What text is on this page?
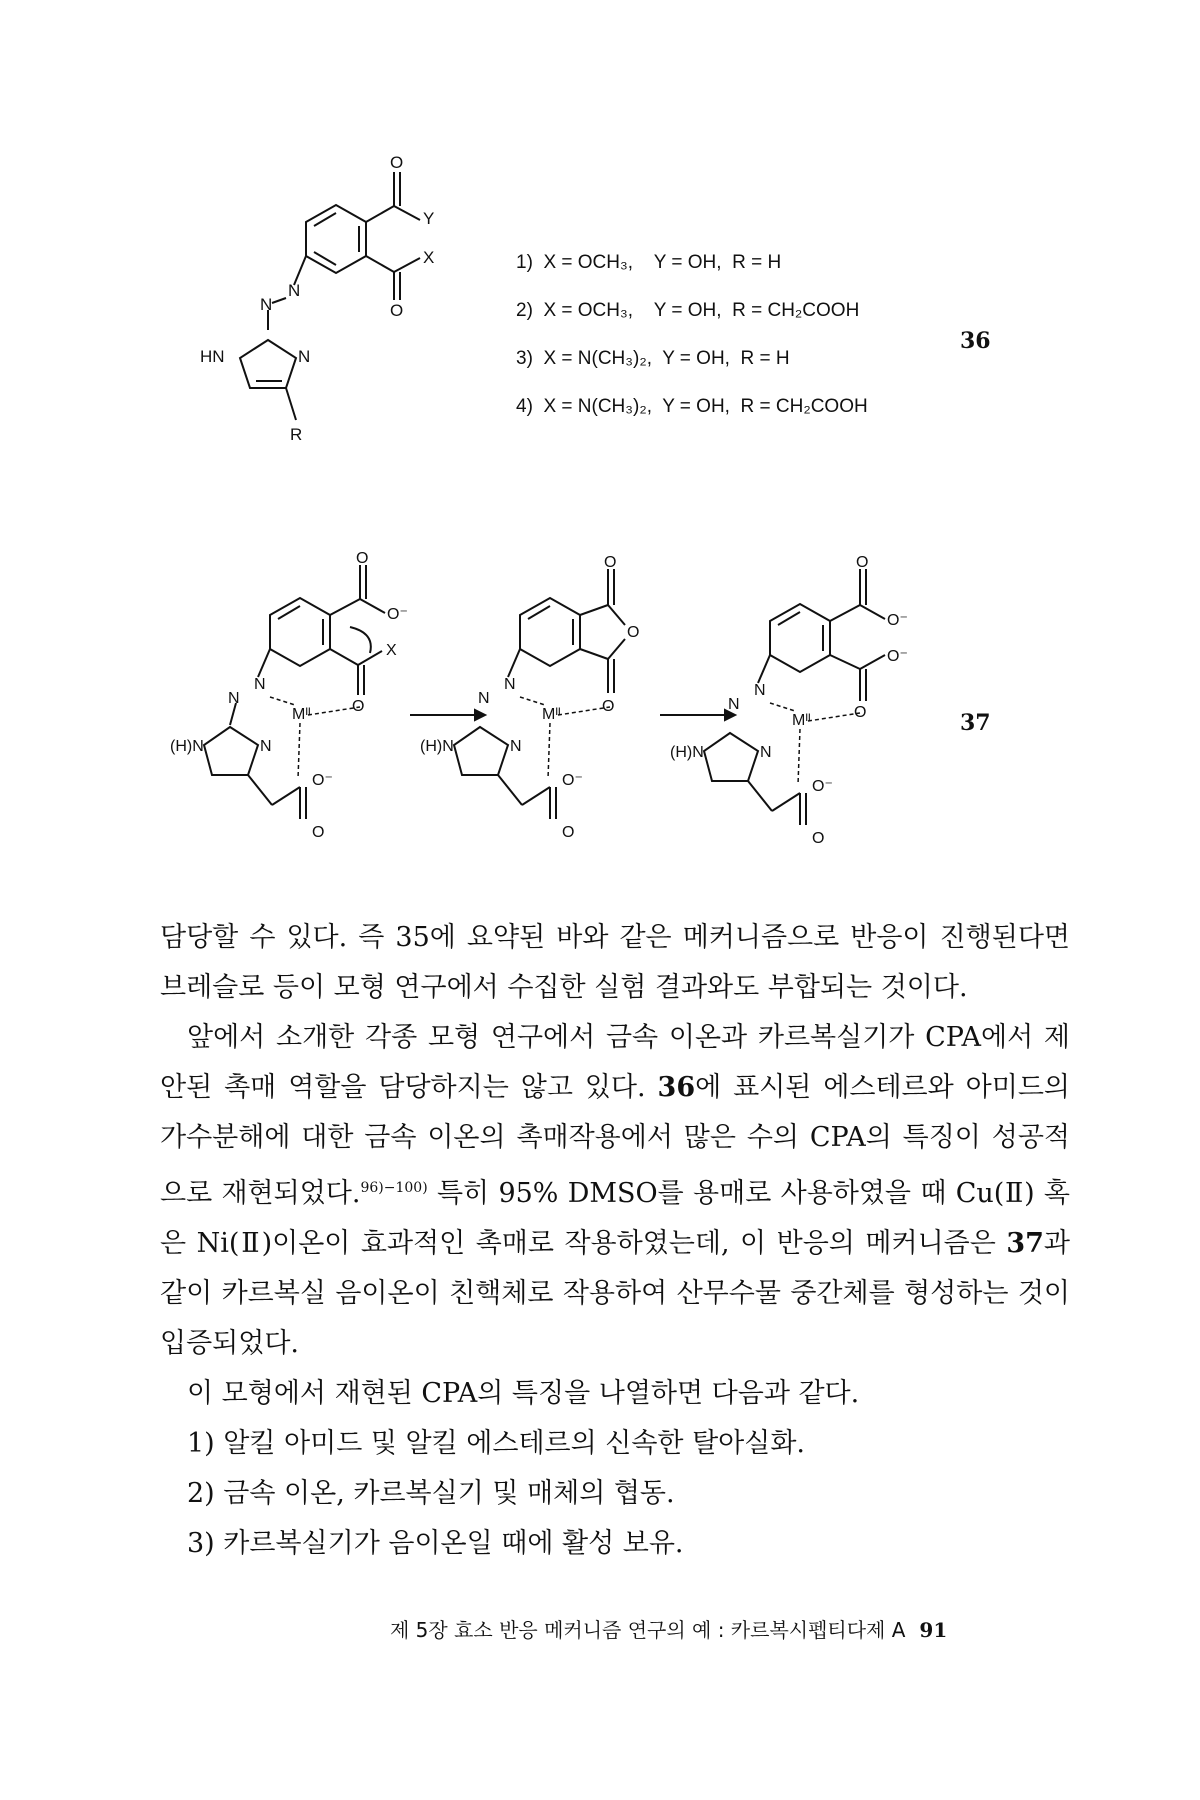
O
Y
X
O
N
N
HN	N
R
1)  X = OCH₃,    Y = OH,  R = H
2)  X = OCH₃,    Y = OH,  R = CH₂COOH
3)  X = N(CH₃)₂,  Y = OH,  R = H
4)  X = N(CH₃)₂,  Y = OH,  R = CH₂COOH
36
O
O⁻
X
O
N
N
Mᴵᴵ
(H)N	N
O⁻
O
O
O
O
N
N
Mᴵᴵ
(H)N	N
O⁻
O
O
O⁻
O⁻
O
N
N
Mᴵᴵ
(H)N	N
O⁻
O
37

담당할 수 있다. 즉 35에 요약된 바와 같은 메커니즘으로 반응이 진행된다면 브레슬로 등이 모형 연구에서 수집한 실험 결과와도 부합되는 것이다.

앞에서 소개한 각종 모형 연구에서 금속 이온과 카르복실기가 CPA에서 제안된 촉매 역할을 담당하지는 않고 있다. 36에 표시된 에스테르와 아미드의 가수분해에 대한 금속 이온의 촉매작용에서 많은 수의 CPA의 특징이 성공적으로 재현되었다.$^{96)-100)}$ 특히 95% DMSO를 용매로 사용하였을 때 Cu(Ⅱ) 혹은 Ni(Ⅱ)이온이 효과적인 촉매로 작용하였는데, 이 반응의 메커니즘은 37과 같이 카르복실 음이온이 친핵체로 작용하여 산무수물 중간체를 형성하는 것이 입증되었다.

이 모형에서 재현된 CPA의 특징을 나열하면 다음과 같다.

1) 알킬 아미드 및 알킬 에스테르의 신속한 탈아실화.
2) 금속 이온, 카르복실기 및 매체의 협동.
3) 카르복실기가 음이온일 때에 활성 보유.
제 5장 효소 반응 메커니즘 연구의 예 : 카르복시펩티다제 A 91
